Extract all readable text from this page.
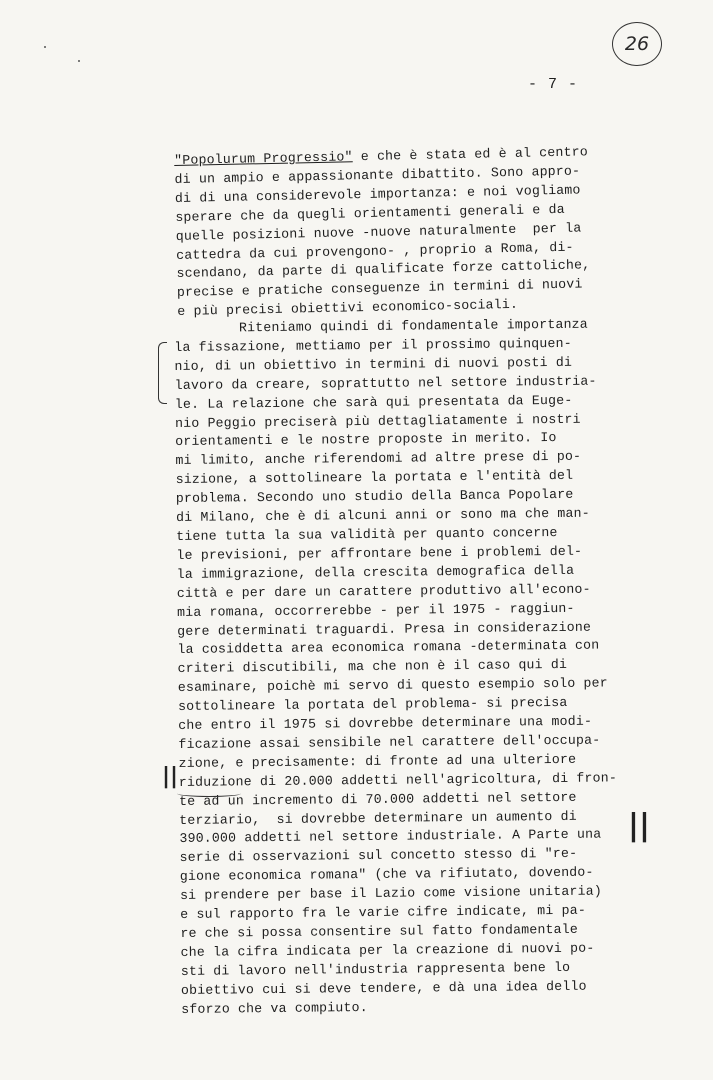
26
- 7 -
"Popolurum Progressio" e che è stata ed è al centro
di un ampio e appassionante dibattito. Sono appro-
di di una considerevole importanza: e noi vogliamo
sperare che da quegli orientamenti generali e da
quelle posizioni nuove -nuove naturalmente  per la
cattedra da cui provengono- , proprio a Roma, di-
scendano, da parte di qualificate forze cattoliche,
precise e pratiche conseguenze in termini di nuovi
e più precisi obiettivi economico-sociali.
Riteniamo quindi di fondamentale importanza
la fissazione, mettiamo per il prossimo quinquen-
nio, di un obiettivo in termini di nuovi posti di
lavoro da creare, soprattutto nel settore industria-
le. La relazione che sarà qui presentata da Euge-
nio Peggio preciserà più dettagliatamente i nostri
orientamenti e le nostre proposte in merito. Io
mi limito, anche riferendomi ad altre prese di po-
sizione, a sottolineare la portata e l'entità del
problema. Secondo uno studio della Banca Popolare
di Milano, che è di alcuni anni or sono ma che man-
tiene tutta la sua validità per quanto concerne
le previsioni, per affrontare bene i problemi del-
la immigrazione, della crescita demografica della
città e per dare un carattere produttivo all'econo-
mia romana, occorrerebbe - per il 1975 - raggiun-
gere determinati traguardi. Presa in considerazione
la cosiddetta area economica romana -determinata con
criteri discutibili, ma che non è il caso qui di
esaminare, poichè mi servo di questo esempio solo per
sottolineare la portata del problema- si precisa
che entro il 1975 si dovrebbe determinare una modi-
ficazione assai sensibile nel carattere dell'occupa-
zione, e precisamente: di fronte ad una ulteriore
riduzione di 20.000 addetti nell'agricoltura, di fron-
te ad un incremento di 70.000 addetti nel settore
terziario,  si dovrebbe determinare un aumento di
390.000 addetti nel settore industriale. A Parte una
serie di osservazioni sul concetto stesso di "re-
gione economica romana" (che va rifiutato, dovendo-
si prendere per base il Lazio come visione unitaria)
e sul rapporto fra le varie cifre indicate, mi pa-
re che si possa consentire sul fatto fondamentale
che la cifra indicata per la creazione di nuovi po-
sti di lavoro nell'industria rappresenta bene lo
obiettivo cui si deve tendere, e dà una idea dello
sforzo che va compiuto.
||
||
